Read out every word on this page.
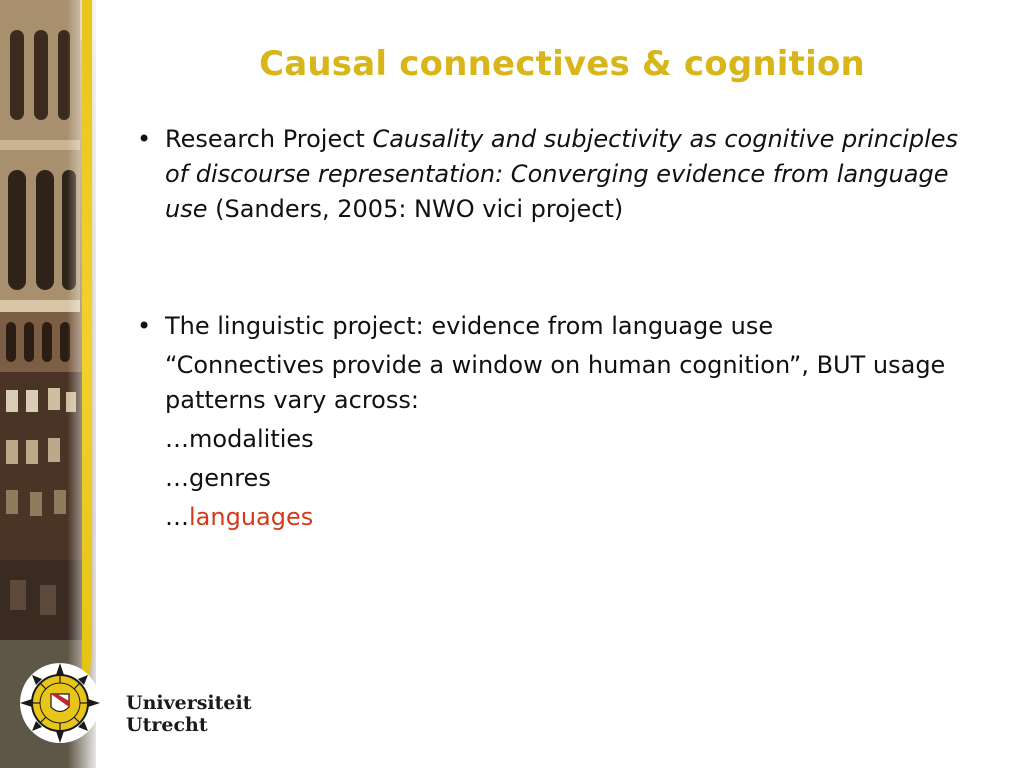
Causal connectives & cognition
• Research Project Causality and subjectivity as cognitive principles of discourse representation: Converging evidence from language use (Sanders, 2005: NWO vici project)
• The linguistic project: evidence from language use
“Connectives provide a window on human cognition”, BUT usage patterns vary across:
…modalities
…genres
…languages
Universiteit Utrecht
